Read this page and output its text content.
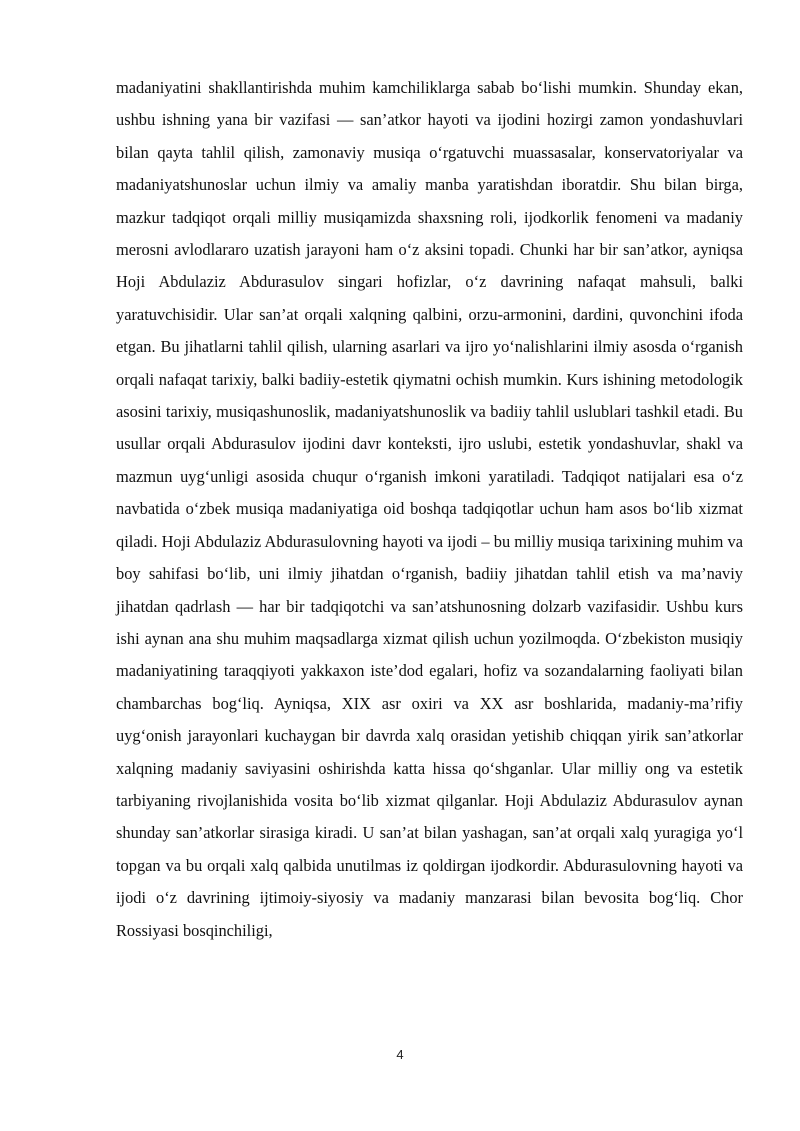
madaniyatini shakllantirishda muhim kamchiliklarga sabab bo‘lishi mumkin. Shunday ekan, ushbu ishning yana bir vazifasi — san’atkor hayoti va ijodini hozirgi zamon yondashuvlari bilan qayta tahlil qilish, zamonaviy musiqa o‘rgatuvchi muassasalar, konservatoriyalar va madaniyatshunoslar uchun ilmiy va amaliy manba yaratishdan iboratdir. Shu bilan birga, mazkur tadqiqot orqali milliy musiqamizda shaxsning roli, ijodkorlik fenomeni va madaniy merosni avlodlararo uzatish jarayoni ham o‘z aksini topadi. Chunki har bir san’atkor, ayniqsa Hoji Abdulaziz Abdurasulov singari hofizlar, o‘z davrining nafaqat mahsuli, balki yaratuvchisidir. Ular san’at orqali xalqning qalbini, orzu-armonini, dardini, quvonchini ifoda etgan. Bu jihatlarni tahlil qilish, ularning asarlari va ijro yo‘nalishlarini ilmiy asosda o‘rganish orqali nafaqat tarixiy, balki badiiy-estetik qiymatni ochish mumkin. Kurs ishining metodologik asosini tarixiy, musiqashunoslik, madaniyatshunoslik va badiiy tahlil uslublari tashkil etadi. Bu usullar orqali Abdurasulov ijodini davr konteksti, ijro uslubi, estetik yondashuvlar, shakl va mazmun uyg‘unligi asosida chuqur o‘rganish imkoni yaratiladi. Tadqiqot natijalari esa o‘z navbatida o‘zbek musiqa madaniyatiga oid boshqa tadqiqotlar uchun ham asos bo‘lib xizmat qiladi. Hoji Abdulaziz Abdurasulovning hayoti va ijodi – bu milliy musiqa tarixining muhim va boy sahifasi bo‘lib, uni ilmiy jihatdan o‘rganish, badiiy jihatdan tahlil etish va ma’naviy jihatdan qadrlash — har bir tadqiqotchi va san’atshunosning dolzarb vazifasidir. Ushbu kurs ishi aynan ana shu muhim maqsadlarga xizmat qilish uchun yozilmoqda. O‘zbekiston musiqiy madaniyatining taraqqiyoti yakkaxon iste’dod egalari, hofiz va sozandalarning faoliyati bilan chambarchas bog‘liq. Ayniqsa, XIX asr oxiri va XX asr boshlarida, madaniy-ma’rifiy uyg‘onish jarayonlari kuchaygan bir davrda xalq orasidan yetishib chiqqan yirik san’atkorlar xalqning madaniy saviyasini oshirishda katta hissa qo‘shganlar. Ular milliy ong va estetik tarbiyaning rivojlanishida vosita bo‘lib xizmat qilganlar. Hoji Abdulaziz Abdurasulov aynan shunday san’atkorlar sirasiga kiradi. U san’at bilan yashagan, san’at orqali xalq yuragiga yo‘l topgan va bu orqali xalq qalbida unutilmas iz qoldirgan ijodkordir. Abdurasulovning hayoti va ijodi o‘z davrining ijtimoiy-siyosiy va madaniy manzarasi bilan bevosita bog‘liq. Chor Rossiyasi bosqinchiligi,

4
